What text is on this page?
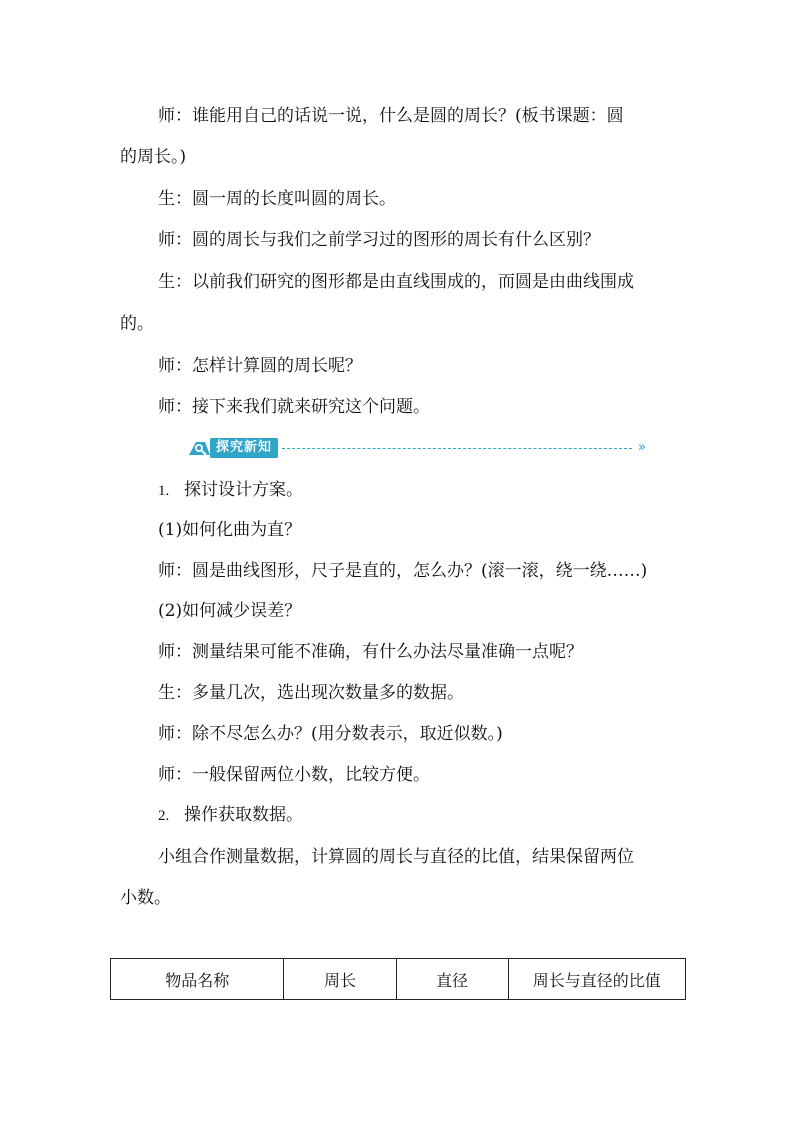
师：谁能用自己的话说一说，什么是圆的周长？(板书课题：圆
的周长。)
生：圆一周的长度叫圆的周长。
师：圆的周长与我们之前学习过的图形的周长有什么区别？
生：以前我们研究的图形都是由直线围成的，而圆是由曲线围成
的。
师：怎样计算圆的周长呢？
师：接下来我们就来研究这个问题。
探究新知	»
1. 探讨设计方案。
(1)如何化曲为直？
师：圆是曲线图形，尺子是直的，怎么办？(滚一滚，绕一绕……)
(2)如何减少误差？
师：测量结果可能不准确，有什么办法尽量准确一点呢？
生：多量几次，选出现次数量多的数据。
师：除不尽怎么办？(用分数表示，取近似数。)
师：一般保留两位小数，比较方便。
2. 操作获取数据。
小组合作测量数据，计算圆的周长与直径的比值，结果保留两位
小数。
物品名称	周长	直径	周长与直径的比值
